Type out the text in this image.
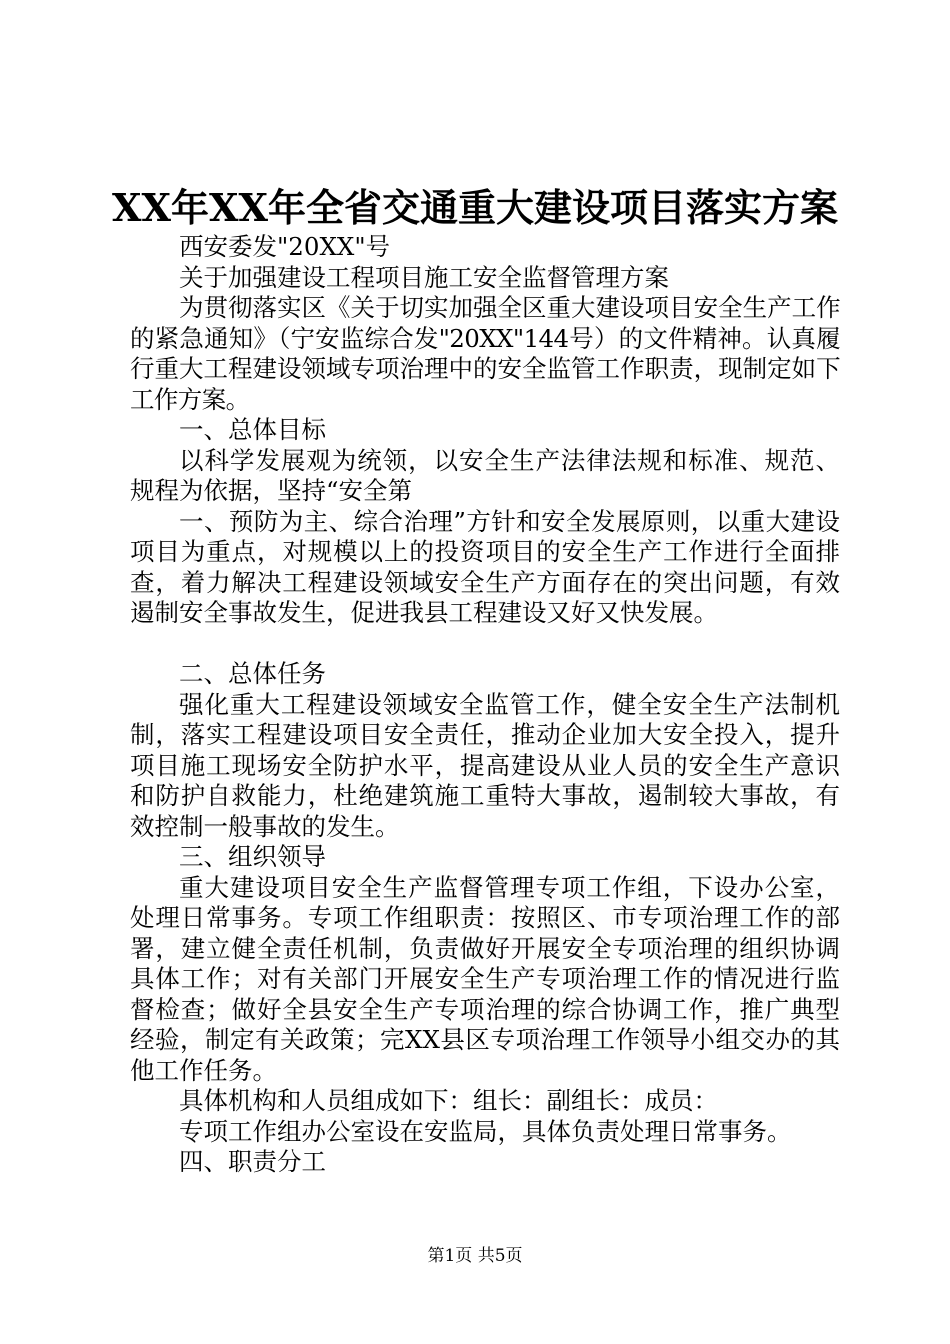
XX年XX年全省交通重大建设项目落实方案

西安委发"20XX"号

关于加强建设工程项目施工安全监督管理方案

为贯彻落实区《关于切实加强全区重大建设项目安全生产工作的紧急通知》（宁安监综合发"20XX"144号）的文件精神。认真履行重大工程建设领域专项治理中的安全监管工作职责，现制定如下工作方案。

一、总体目标

以科学发展观为统领，以安全生产法律法规和标准、规范、规程为依据，坚持“安全第

一、预防为主、综合治理”方针和安全发展原则，以重大建设项目为重点，对规模以上的投资项目的安全生产工作进行全面排查，着力解决工程建设领域安全生产方面存在的突出问题，有效遏制安全事故发生，促进我县工程建设又好又快发展。

二、总体任务

强化重大工程建设领域安全监管工作，健全安全生产法制机制，落实工程建设项目安全责任，推动企业加大安全投入，提升项目施工现场安全防护水平，提高建设从业人员的安全生产意识和防护自救能力，杜绝建筑施工重特大事故，遏制较大事故，有效控制一般事故的发生。

三、组织领导

重大建设项目安全生产监督管理专项工作组，下设办公室，处理日常事务。专项工作组职责：按照区、市专项治理工作的部署，建立健全责任机制，负责做好开展安全专项治理的组织协调具体工作；对有关部门开展安全生产专项治理工作的情况进行监督检查；做好全县安全生产专项治理的综合协调工作，推广典型经验，制定有关政策；完XX县区专项治理工作领导小组交办的其他工作任务。

具体机构和人员组成如下：组长：副组长：成员：

专项工作组办公室设在安监局，具体负责处理日常事务。

四、职责分工

第1页 共5页
